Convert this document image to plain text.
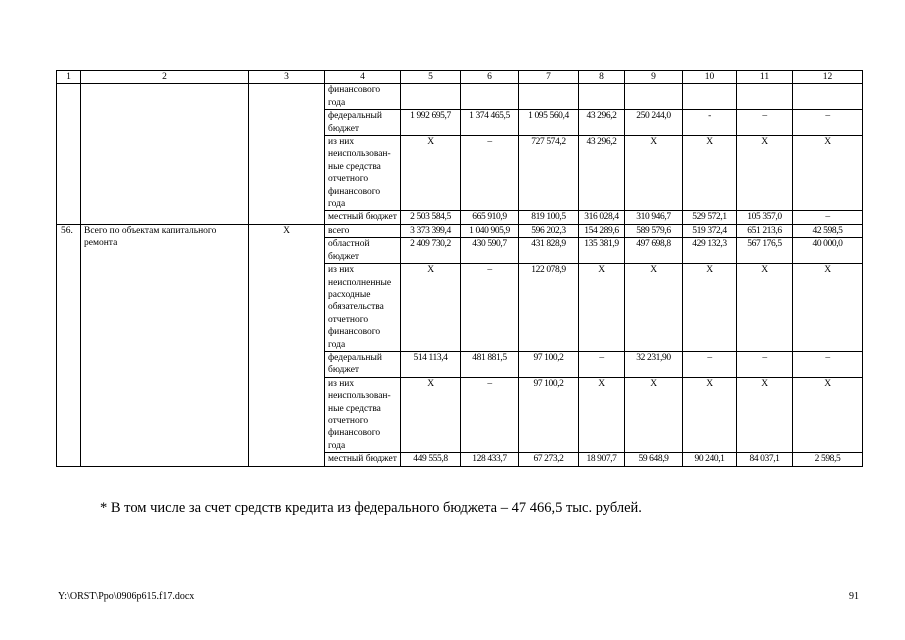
1	2	3	4	5	6	7	8	9	10	11	12
			финансового года								
			федеральный бюджет	1 992 695,7	1 374 465,5	1 095 560,4	43 296,2	250 244,0	-	–	–
			из них неиспользован-ные средства отчетного финансового года	Х	–	727 574,2	43 296,2	Х	Х	Х	Х
			местный бюджет	2 503 584,5	665 910,9	819 100,5	316 028,4	310 946,7	529 572,1	105 357,0	–
56.	Всего по объектам капитального ремонта	Х	всего	3 373 399,4	1 040 905,9	596 202,3	154 289,6	589 579,6	519 372,4	651 213,6	42 598,5
			областной бюджет	2 409 730,2	430 590,7	431 828,9	135 381,9	497 698,8	429 132,3	567 176,5	40 000,0
			из них неисполненные расходные обязательства отчетного финансового года	Х	–	122 078,9	Х	Х	Х	Х	Х
			федеральный бюджет	514 113,4	481 881,5	97 100,2	–	32 231,90	–	–	–
			из них неиспользован-ные средства отчетного финансового года	Х	–	97 100,2	Х	Х	Х	Х	Х
			местный бюджет	449 555,8	128 433,7	67 273,2	18 907,7	59 648,9	90 240,1	84 037,1	2 598,5
* В том числе за счет средств кредита из федерального бюджета – 47 466,5 тыс. рублей.
Y:\ORST\Ppo\0906p615.f17.docx	91
